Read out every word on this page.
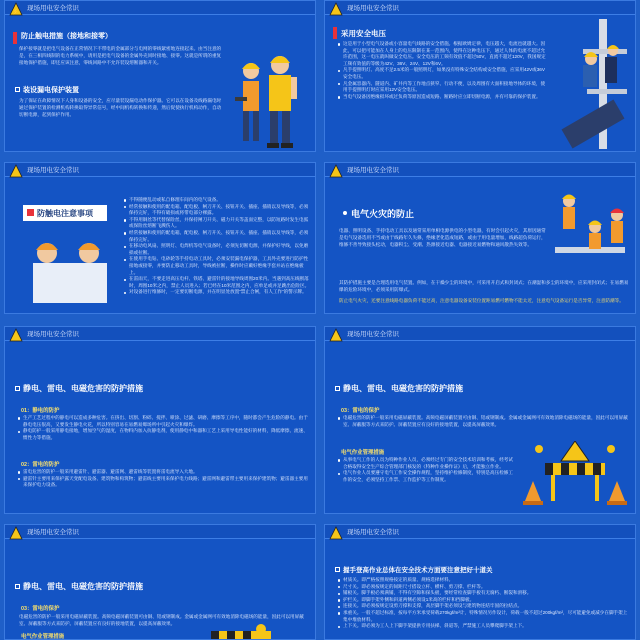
⚡
现场用电安全常识
防止触电措施（接地和接零）
保护接零就是把电气设备在正常情况下不带电的金属部分与电网的零线紧密地连接起来。由当注意的是，在三相四线制的电力系统中，请用是把电气设备的金属外壳同时接地、接零。这就是所谓的重复接地保护措施，即还应该注意，零线回路中不允许装设熔断器和开关。
装设漏电保护装置
为了保证在故障情况下人身和设备的安全，应尽量装设漏电动作保护器。它可以在设备及线路漏电时通过保护装置的检测机构转换取得异常信号，经中间机构转换和传递，然后促使执行机构动作，自动切断电源，起到保护作用。
现场用电安全常识
采用安全电压
这是用于小型电气设备或小容量电气线路的安全措施。根据欧姆定律，电压越大，电流也就越大。因此，可以把可能加在人身上的电压限制在某一范围内，使得在这种电压下，通过人体的电流不超过允许范围，这一电压就叫做安全电压。安全电压的工频有效值不超过50V，直流不超过120V，我国规定工频有效值的等级为42V、36V、24V、12V和6V。
凡手提照明灯、高度不足2.5米的一般照明灯，如果没有特殊安全结构或安全措施，应采用42V或36V安全电压。
凡金属容器内、隧道内、矿井内等工作地点狭窄、行动不便，以及周围有大面积接地导体的环境，使用手提照明灯时应采用12V安全电压。
当电气设备因绝缘损坏或过负荷等原因造成短路、断路时应立即切断电源，并有可靠的保护装置。
现场用电安全常识
防触电注意事项
不得随便乱动或私自修理车间内的电气设备。
经常接触和使用的配电箱、配电板、闸刀开关、按钮开关、插座、插销以及导线等，必须保持完好，不得有破损或将带电部分裸露。
不得用铜丝等代替保险丝，并保持闸刀开关、磁力开关等盖面完整，以防短路时发生电弧或保险丝熔断飞溅伤人。
经常接触和使用的配电箱、配电板、闸刀开关、按钮开关、插座、插销以及导线等，必须保持完好。
在移动电风扇、照明灯、电焊机等电气设备时，必须先切断电源，并保护好导线，以免磨损或拉断。
在使用手电钻、电砂轮等手持电动工具时，必须安装漏电保护器，工具外壳要进行防护性接地或接零，并要防止移动工具时，导线被拉断，操作时应戴好绝缘手套并站在绝缘板上。
在雷雨天，不要走进高压电杆、铁塔、避雷针的接地导线周围20米内。当遇到高压线断落时，周围10米之内，禁止人员进入；若已经在10米范围之内，应单足或并足跳出危险区。
对设备进行维修时，一定要切断电源，并在明显处放置“禁止合闸，有人工作”的警示牌。
现场用电安全常识
电气火灾的防止
电器、照明设备、手持电动工具以及通常采用单相电源供电的小型电器，有时会引起火灾，其原因通常是电气设备选用不当或由于线路年久失修，绝缘老化造成短路，或由于用电量增加，线路超负荷运行，维修不善导致接头松动，电器积尘、受潮、热源接近电器、电器接近易燃物和通风散热失效等。
其防护措施主要是合理选用电气装置。例如，在干燥少尘的环境中，可采用开启式和封闭式；在潮湿和多尘的环境中，应采用封闭式；在易燃易爆的危险环境中，必须采用防爆式。
防止电气火灾，还要注意线路电器负荷不能过高，注意电器设备安装位置距易燃可燃物不能太近，注意电气设备运行是否异常，注意防潮等。
现场用电安全常识
静电、雷电、电磁危害的防护措施
01：静电的防护
生产工艺过程中的静电可以造成多种危害。在挤出、切割、粉碎、搅拌、喷涂、过滤、研磨、摩擦等工序中，随时都会产生危险的静电。由于静电电压很高，又要发生静电火花，所以特别容易在易燃易爆场所中引起火灾和爆炸。
静电防护一般采用静电接地，增加空气的湿度，在物料内加入抗静电剂，使用静电中和器和工艺上采用导电性能好的材料，降低摩擦、流速、惯性力等措施。
02：雷电的防护
雷电危害的防护一般采用避雷针、避雷器、避雷网、避雷线等装置将雷电流导入大地。
避雷针主要用来保护露天变配电设备、建筑物和构筑物；避雷线主要用来保护电力线路；避雷网和避雷带主要用来保护建筑物；避雷器主要用来保护电力设备。
现场用电安全常识
静电、雷电、电磁危害的防护措施
03：雷电的保护
电磁危害的防护一般采用电磁屏蔽装置。高频电磁屏蔽装置可由铜、铝或钢制成。金属或金属网可有效地消除电磁场的能量，因此可以用屏蔽室、屏蔽服等方式来防护。屏蔽装置应有良好的接地装置，以提高屏蔽效果。
电气作业管理措施
从事电气工作的人员为特种作业人员，必须经过专门的安全技术培训和考核，经考试合格取得安全生产综合管理部门核发的《特种作业操作证》后，才能独立作业。
电气作业人员要遵守电气工作安全操作规程，坚持维护检修制度，特别是高压检修工作的安全，必须坚持工作票、工作监护等工作制度。
现场用电安全常识
静电、雷电、电磁危害的防护措施
03：雷电的保护
电磁危害的防护一般采用电磁屏蔽装置。高频电磁屏蔽装置可由铜、铝或钢制成。金属或金属网可有效地消除电磁场的能量，因此可以用屏蔽室、屏蔽服等方式来防护。屏蔽装置应有良好的接地装置，以提高屏蔽效果。
电气作业管理措施
现场用电安全常识
握手登高作业总体在安全技术方面要注意把好十道关
材质关。即严格按照规格按定的质量、规格选择材料。
尺寸关。即必须按规定的间距尺寸搭设立杆、横杆、剪刀撑、栏杆等。
铺板关。脚手板必须满铺，不得有空隙和探头板，要经常检查脚手板有无腐朽、断裂和滑移。
护栏关。即脚手架外侧和斜道两侧必须设1米高的栏杆和挡脚板。
连接关。即必须按规定设剪刀撑和支撑，高层脚手架必须设与建筑物连结牢固的拉结点。
承重关。一般不超过标准，按每平方米承受荷载270kgf/m²计，特殊情况另作设计，荷载一般不超过200kgf/m²，尽可能避免或减少在脚手架上集中堆放材料。
上下关。即必须为工人上下脚手架提供专用扶梯、斜道等，严禁施工人员攀爬脚手架上下。
